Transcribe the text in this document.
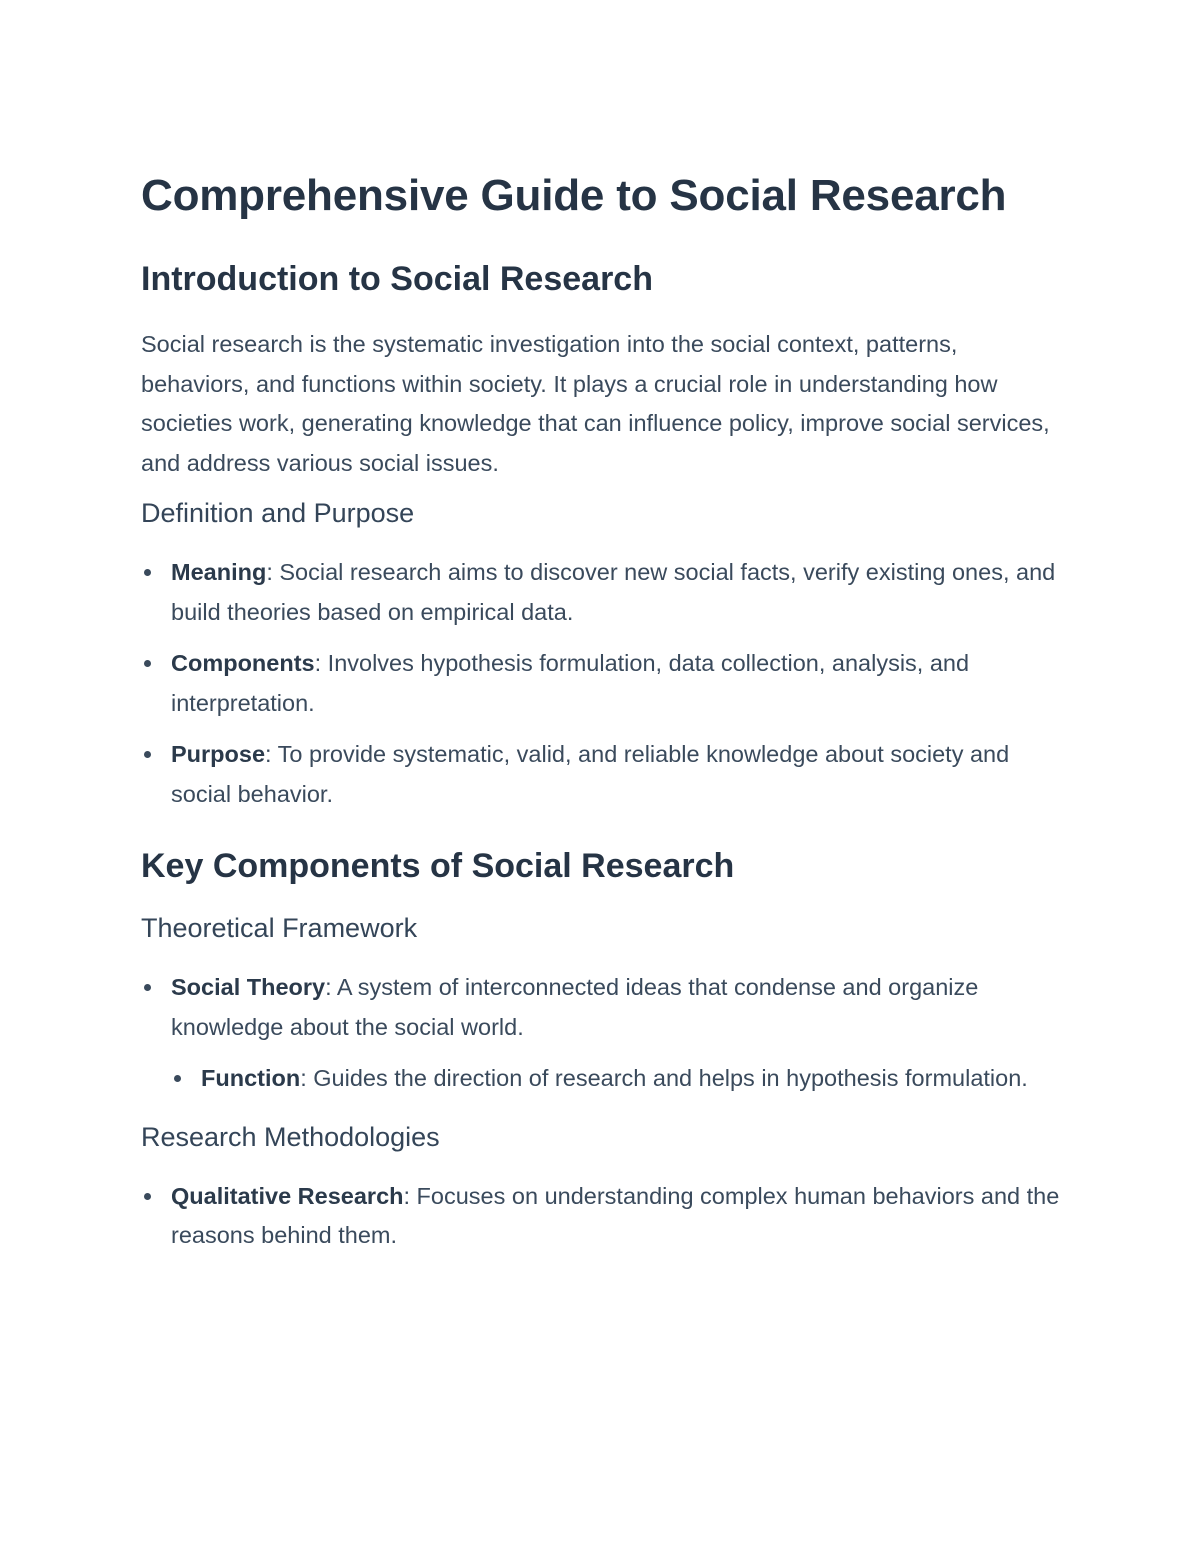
Comprehensive Guide to Social Research
Introduction to Social Research

Social research is the systematic investigation into the social context, patterns, behaviors, and functions within society. It plays a crucial role in understanding how societies work, generating knowledge that can influence policy, improve social services, and address various social issues.

Definition and Purpose
Meaning: Social research aims to discover new social facts, verify existing ones, and build theories based on empirical data.
Components: Involves hypothesis formulation, data collection, analysis, and interpretation.
Purpose: To provide systematic, valid, and reliable knowledge about society and social behavior.
Key Components of Social Research
Theoretical Framework
Social Theory: A system of interconnected ideas that condense and organize knowledge about the social world.
Function: Guides the direction of research and helps in hypothesis formulation.
Research Methodologies
Qualitative Research: Focuses on understanding complex human behaviors and the reasons behind them.
